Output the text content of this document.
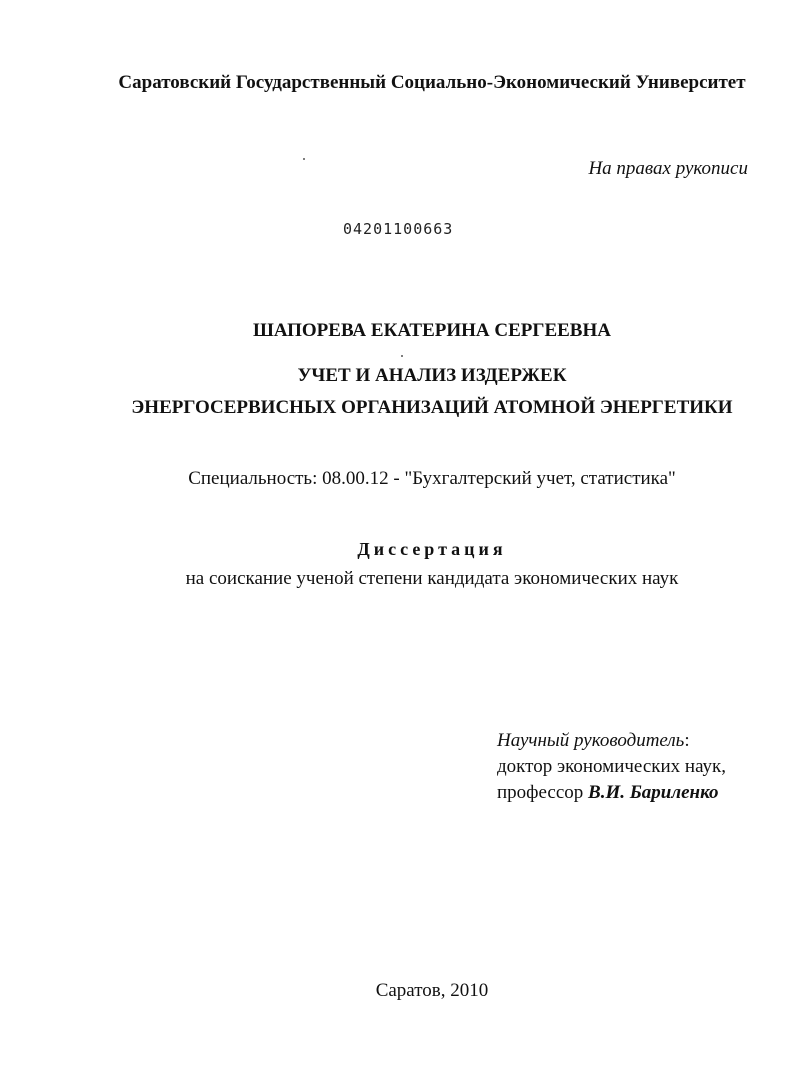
Саратовский Государственный Социально-Экономический Университет
На правах рукописи
04201100663
ШАПОРЕВА ЕКАТЕРИНА СЕРГЕЕВНА
УЧЕТ И АНАЛИЗ ИЗДЕРЖЕК
ЭНЕРГОСЕРВИСНЫХ ОРГАНИЗАЦИЙ АТОМНОЙ ЭНЕРГЕТИКИ
Специальность: 08.00.12 - "Бухгалтерский учет, статистика"
Диссертация
на соискание ученой степени кандидата экономических наук
Научный руководитель:
доктор экономических наук,
профессор В.И. Бариленко
Саратов, 2010
